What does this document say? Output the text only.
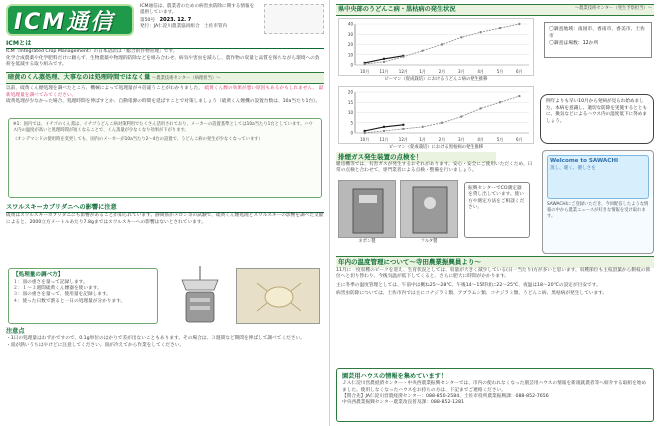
ICM通信
ICM通信は、農業者のための病害虫防除に関する情報を提供しています。
第50号　 2023. 12. 7
発行：JA仁淀川農業協同組合　土佐市管内
ICMとは
ICM（Integrated Crop Management）の日本語訳は「総合的作物管理」です。
化学合成農薬や化学肥料だけに頼らず、生物農薬や物理的防除などを組み合わせ、病気や害虫を減らし、農作物の収量と品質を保ちながら環境への負荷を低減する取り組みです。
暗黄のくん蒸処理、大事なのは処理時間ではなく量 ～農業技術センター（病理担当）～
以前、硫黄くん煙処理を調べたところ、機械によって処理量が４倍違うことがわかりました。 硫黄くん煙の効果が悪い原因もあるかもしれません。 最新処理量を調べてみてください。
硫黄処理が少なかった場合、処理時間を伸ばすとか、自動電源の時間を延ばすことで対策しましょう（硫黄くん煙機の設置台数は、10a当たり1台）。
※1：国内では、イチゴのくん蒸は、イチゴうどんこ病対策利用でたくさん活用されており、メーカーの設置基準としては10a当たり1台としています。ハウス内の温度が高いと処理時間が短くなることで、くん蒸量が少なくなり効果が下がります。
（オンデマンドの使用時を変更しても、国内のメーカーが10a当たり2～4台の設置で、うどんこ病の発生が少なくなっています）
スワルスキーカブリダニへの影響に注意
硫黄はスワルスキーカブリダニにも影響があることが知られています。静岡県がメロン等の試験で、硫黄くん煙処理とスワルスキーの影響を調べた文献によると、2000立方メートルあたり7.8gまではスワルスキーへの影響はないとされています。
【処理量の調べ方】
１：皿の重さを量って記録します。
２：１～３週間硫黄くん煙器を使います。
３：皿の重さを量って、使用量を記録します。
４：使った日数で割ると一日の処理量が分かります。
注意点
・1日の処理量はわずかですので、0.1g単位のはかりで差が出ないこともあります。その場合は、３週間など期間を伸ばして調べてください。
・皿が熱いうちはやけどに注意してください。皿が冷えてから作業をしてください。
県中央部のうどんこ病・黒枯病の発生状況	～農業技術センター（発生予察担当）～
0
10
20
30
40
10月	11月	12月	1月	2月	3月	4月	5月	6月
ピーマン（促成栽培）におけるうどんこ病の発生推移
0
5
10
15
20
10月	11月	12月	1月	2月	3月	4月	5月	6月
ピーマン（促成栽培）における黒枯病の発生推移
〇調査地域：南国市、香南市、香美市、土佐市
〇調査ほ場数：12か所
例年よりも早い10月から発病が見られ始めました。本病を意識し、適切な防除を実施するとともに、換気などによるハウス内の湿度低下に努めましょう。
排煙ガス発生装置の点検を！
暖房機等では、有害ガスが発生するおそれがあります。安心・安全にご使用いただくため、日常の点検と合わせて、専門業者による点検・整備を行いましょう。
ネポン製	フルタ製
振興センターでCO測定器を貸し出しています。使い方や測定方法をご相談ください。
Welcome to SAWACHI
蒸し、暖く、優しさを
SAWACHIにご登録いただき、今回配信したような情報の中から農業ニュースが好きな情報を受け取れます。
年内の温度管理について～寺田農業振興員より～
11月に一度収穫のピークを迎え、生育状況としては、収量が大きく減少している(日一当たり)方が多いと思います。収穫節位も主枝頂葉から側枝の節位へと切り替わり、今後気温が低下してくると、さらに肥大に時間がかかります。
主に冬季の温度管理としては、午前中は概ね25～28℃、午後14～15時頃に22～25℃、夜温は18～20℃の設定が目安です。
病害虫防除については、土佐市内では主にコナジラミ類、アブラムシ類、コナジラミ類、うどんこ病、黒枯病が発生しています。
園芸用ハウスの情報を集めています！
ＪＡ仁淀川営農経済センター・中央西農業振興センターでは、市内の使われなくなった園芸用ハウスの情報を新規就農者等へ紹介する取組を始めました。使用しなくなったハウスをお持ちの方は、下記までご連絡ください。
【問合先】JA仁淀川営農経済センター：088-850-2584、土佐市役所農業振興課：088-852-7656
中央西農業振興センター農業改良普及課：088-852-1281
